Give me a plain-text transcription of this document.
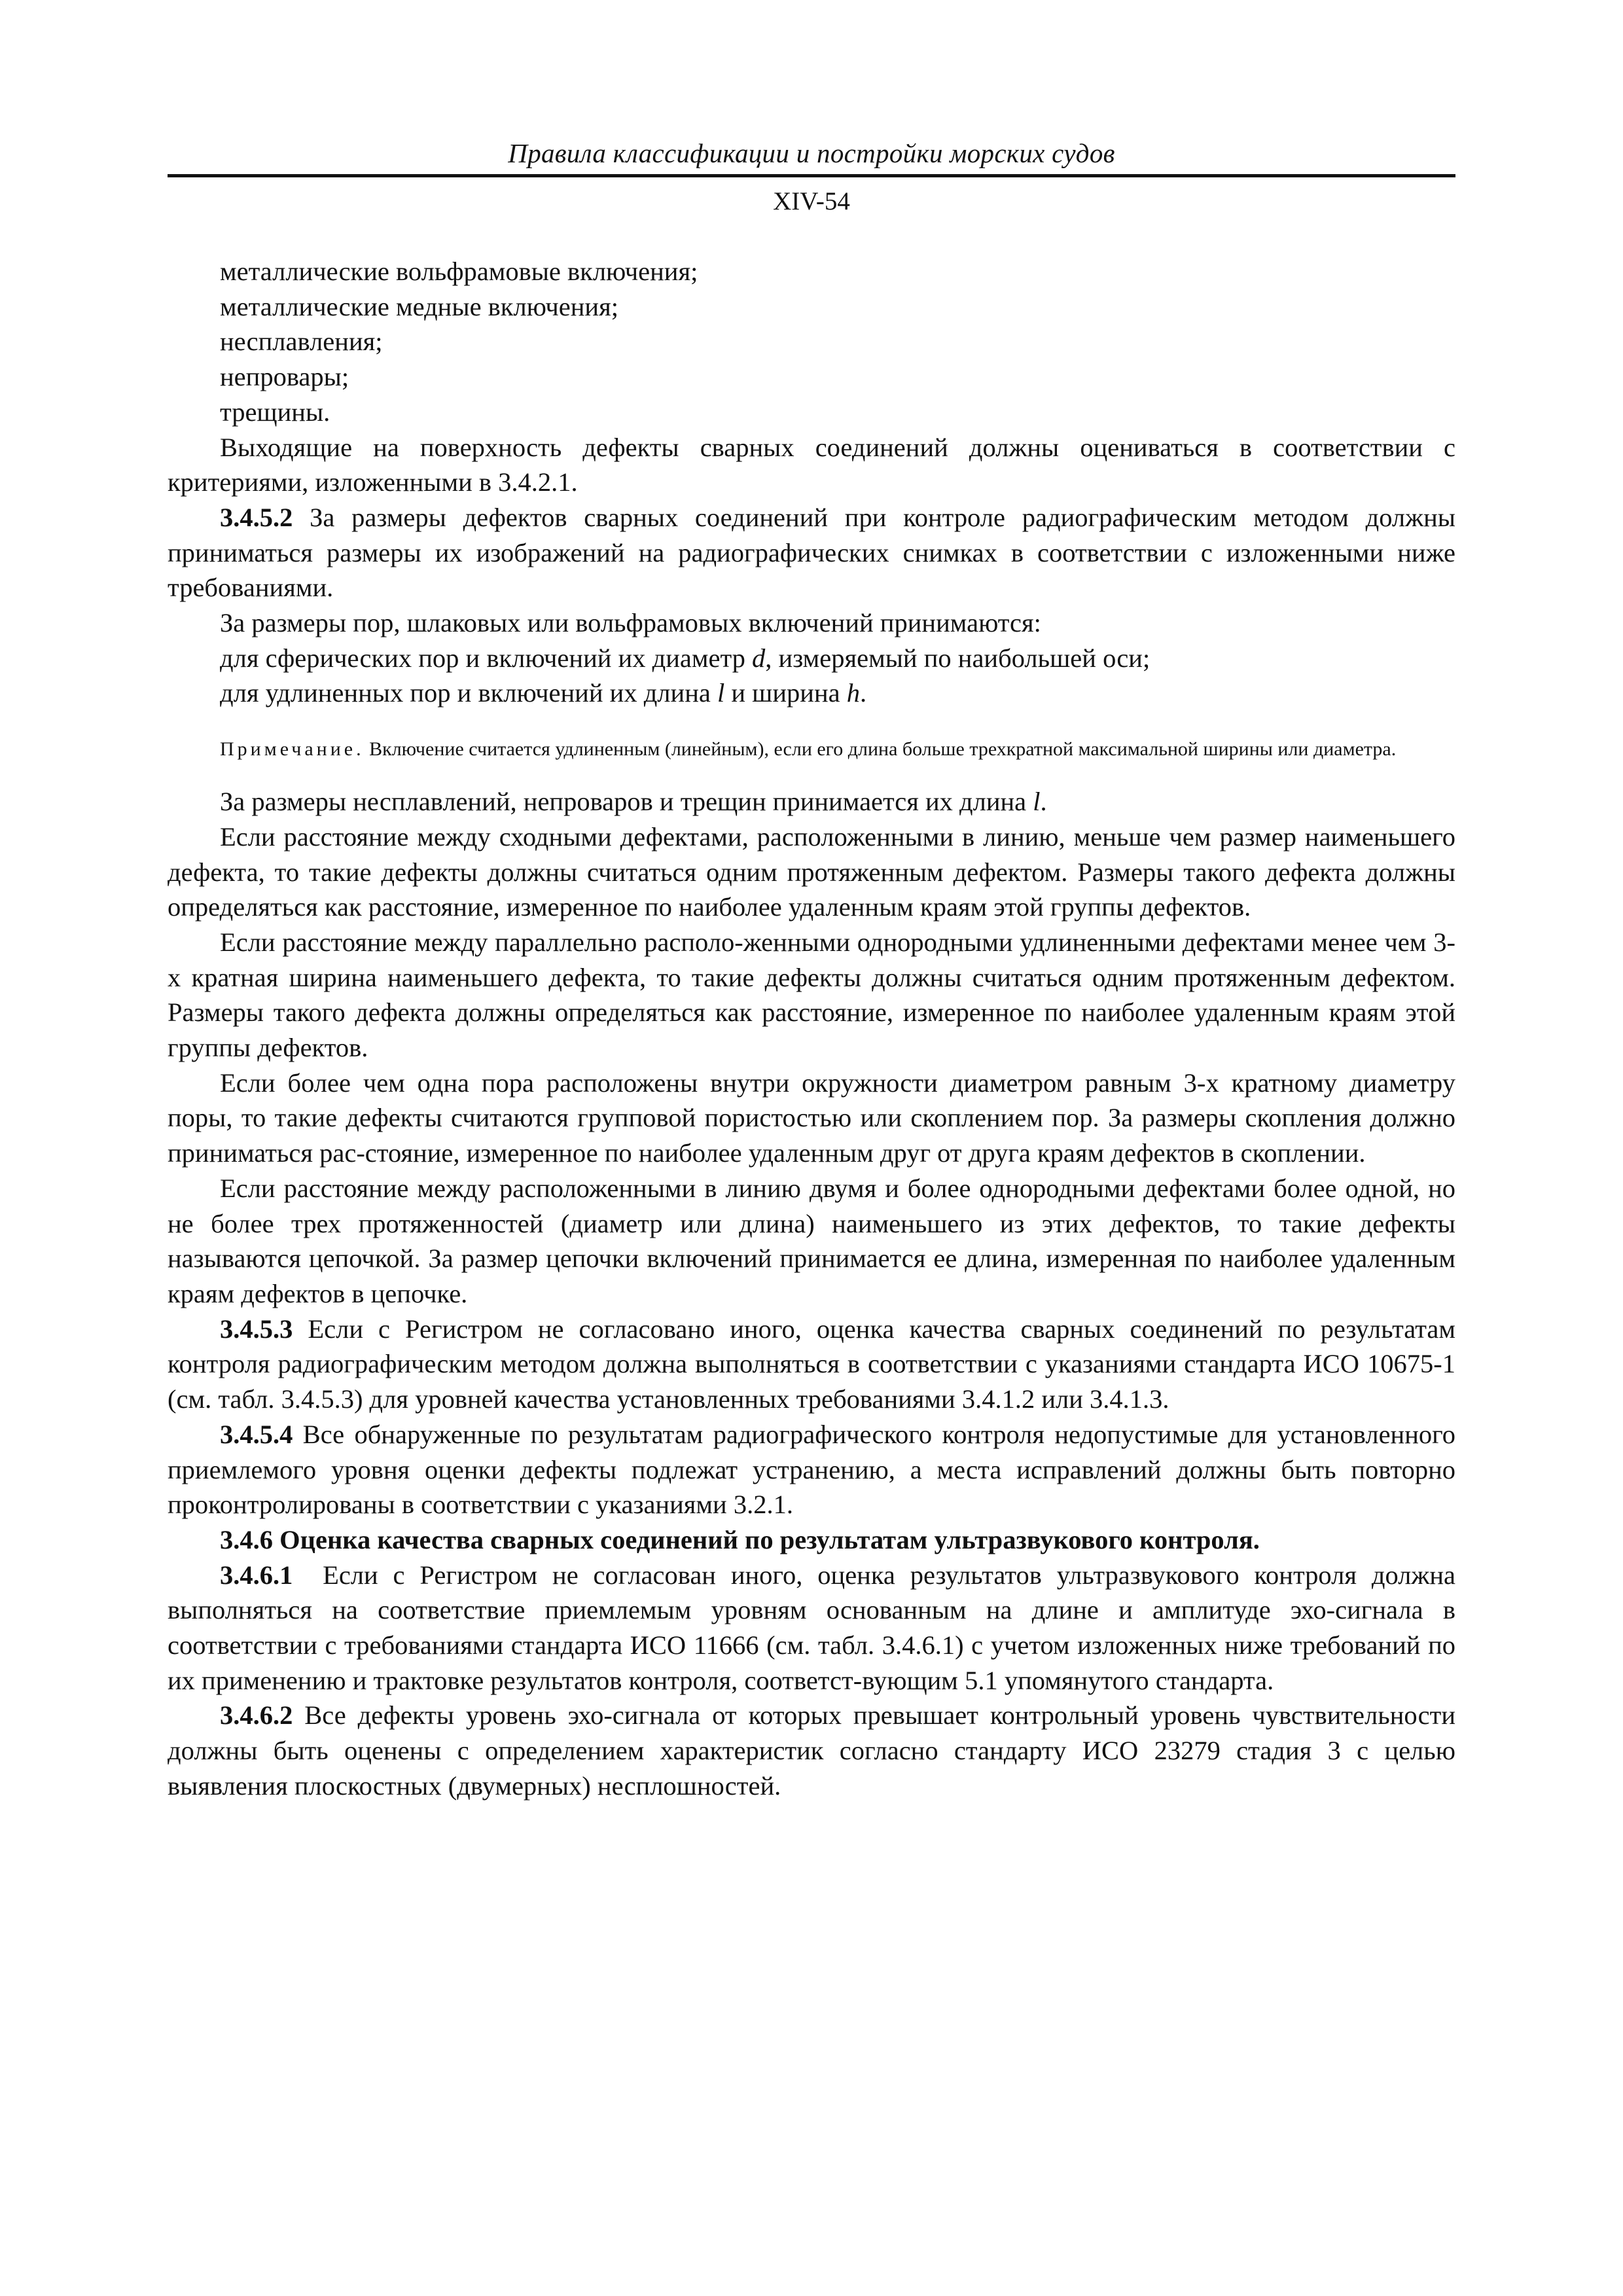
Правила классификации и постройки морских судов
XIV-54

металлические вольфрамовые включения;

металлические медные включения;

несплавления;

непровары;

трещины.

Выходящие на поверхность дефекты сварных соединений должны оцениваться в соответствии с критериями, изложенными в 3.4.2.1.

3.4.5.2 За размеры дефектов сварных соединений при контроле радиографическим методом должны приниматься размеры их изображений на радиографических снимках в соответствии с изложенными ниже требованиями.

За размеры пор, шлаковых или вольфрамовых включений принимаются:

для сферических пор и включений их диаметр d, измеряемый по наибольшей оси;

для удлиненных пор и включений их длина l и ширина h.

Примечание. Включение считается удлиненным (линейным), если его длина больше трехкратной максимальной ширины или диаметра.

За размеры несплавлений, непроваров и трещин принимается их длина l.

Если расстояние между сходными дефектами, расположенными в линию, меньше чем размер наименьшего дефекта, то такие дефекты должны считаться одним протяженным дефектом. Размеры такого дефекта должны определяться как расстояние, измеренное по наиболее удаленным краям этой группы дефектов.

Если расстояние между параллельно располо-женными однородными удлиненными дефектами менее чем 3-х кратная ширина наименьшего дефекта, то такие дефекты должны считаться одним протяженным дефектом. Размеры такого дефекта должны определяться как расстояние, измеренное по наиболее удаленным краям этой группы дефектов.

Если более чем одна пора расположены внутри окружности диаметром равным 3-х кратному диаметру поры, то такие дефекты считаются групповой пористостью или скоплением пор. За размеры скопления должно приниматься рас-стояние, измеренное по наиболее удаленным друг от друга краям дефектов в скоплении.

Если расстояние между расположенными в линию двумя и более однородными дефектами более одной, но не более трех протяженностей (диаметр или длина) наименьшего из этих дефектов, то такие дефекты называются цепочкой. За размер цепочки включений принимается ее длина, измеренная по наиболее удаленным краям дефектов в цепочке.

3.4.5.3 Если с Регистром не согласовано иного, оценка качества сварных соединений по результатам контроля радиографическим методом должна выполняться в соответствии с указаниями стандарта ИСО 10675-1 (см. табл. 3.4.5.3) для уровней качества установленных требованиями 3.4.1.2 или 3.4.1.3.

3.4.5.4 Все обнаруженные по результатам радиографического контроля недопустимые для установленного приемлемого уровня оценки дефекты подлежат устранению, а места исправлений должны быть повторно проконтролированы в соответствии с указаниями 3.2.1.

3.4.6 Оценка качества сварных соединений по результатам ультразвукового контроля.

3.4.6.1  Если с Регистром не согласован иного, оценка результатов ультразвукового контроля должна выполняться на соответствие приемлемым уровням основанным на длине и амплитуде эхо-сигнала в соответствии с требованиями стандарта ИСО 11666 (см. табл. 3.4.6.1) с учетом изложенных ниже требований по их применению и трактовке результатов контроля, соответст-вующим 5.1 упомянутого стандарта.

3.4.6.2 Все дефекты уровень эхо-сигнала от которых превышает контрольный уровень чувствительности должны быть оценены с определением характеристик согласно стандарту ИСО 23279 стадия 3 с целью выявления плоскостных (двумерных) несплошностей.
